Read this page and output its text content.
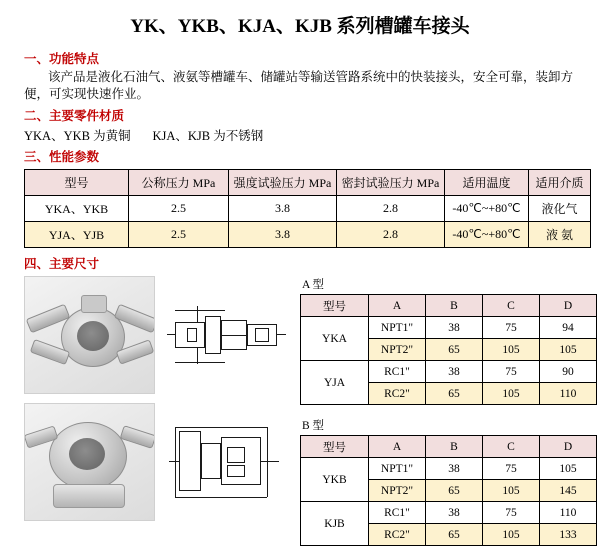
YK、YKB、KJA、KJB 系列槽罐车接头
一、功能特点
该产品是液化石油气、液氨等槽罐车、储罐站等输送管路系统中的快装接头，安全可靠，装卸方便，可实现快速作业。
二、主要零件材质
YKA、YKB 为黄铜       KJA、KJB 为不锈钢
三、性能参数
型号	公称压力 MPa	强度试验压力 MPa	密封试验压力 MPa	适用温度	适用介质
YKA、YKB	2.5	3.8	2.8	-40℃~+80℃	液化气
YJA、YJB	2.5	3.8	2.8	-40℃~+80℃	液 氨
四、主要尺寸
A 型
型号	A	B	C	D
YKA	NPT1"	38	75	94
	NPT2"	65	105	105
YJA	RC1"	38	75	90
	RC2"	65	105	110
B 型
型号	A	B	C	D
YKB	NPT1"	38	75	105
	NPT2"	65	105	145
KJB	RC1"	38	75	110
	RC2"	65	105	133
